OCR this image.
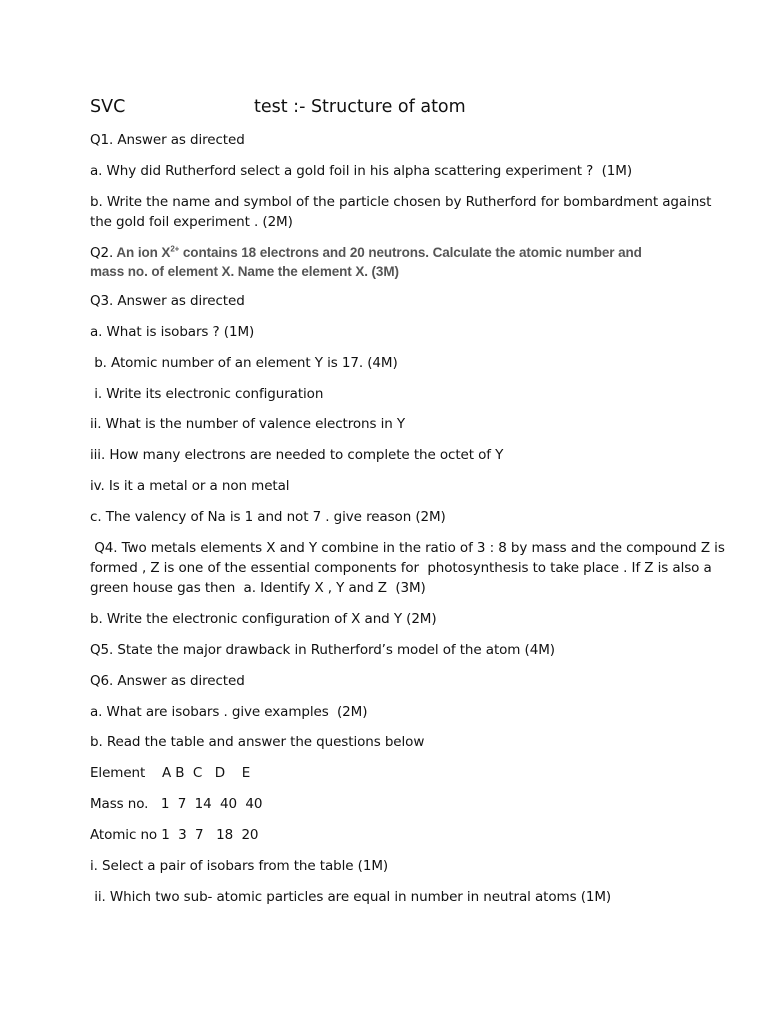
SVC	test :- Structure of atom
Q1. Answer as directed
a. Why did Rutherford select a gold foil in his alpha scattering experiment ?  (1M)
b. Write the name and symbol of the particle chosen by Rutherford for bombardment against
the gold foil experiment . (2M)
Q2. An ion $X^{2+}$ contains 18 electrons and 20 neutrons. Calculate the atomic number and
mass no. of element X. Name the element X. (3M)
Q3. Answer as directed
a. What is isobars ? (1M)
b. Atomic number of an element Y is 17. (4M)
i. Write its electronic configuration
ii. What is the number of valence electrons in Y
iii. How many electrons are needed to complete the octet of Y
iv. Is it a metal or a non metal
c. The valency of Na is 1 and not 7 . give reason (2M)
Q4. Two metals elements X and Y combine in the ratio of 3 : 8 by mass and the compound Z is
formed , Z is one of the essential components for  photosynthesis to take place . If Z is also a
green house gas then  a. Identify X , Y and Z  (3M)
b. Write the electronic configuration of X and Y (2M)
Q5. State the major drawback in Rutherford’s model of the atom (4M)
Q6. Answer as directed
a. What are isobars . give examples  (2M)
b. Read the table and answer the questions below
Element    A B  C   D    E
Mass no.   1  7  14  40  40
Atomic no 1  3  7   18  20
i. Select a pair of isobars from the table (1M)
ii. Which two sub- atomic particles are equal in number in neutral atoms (1M)
